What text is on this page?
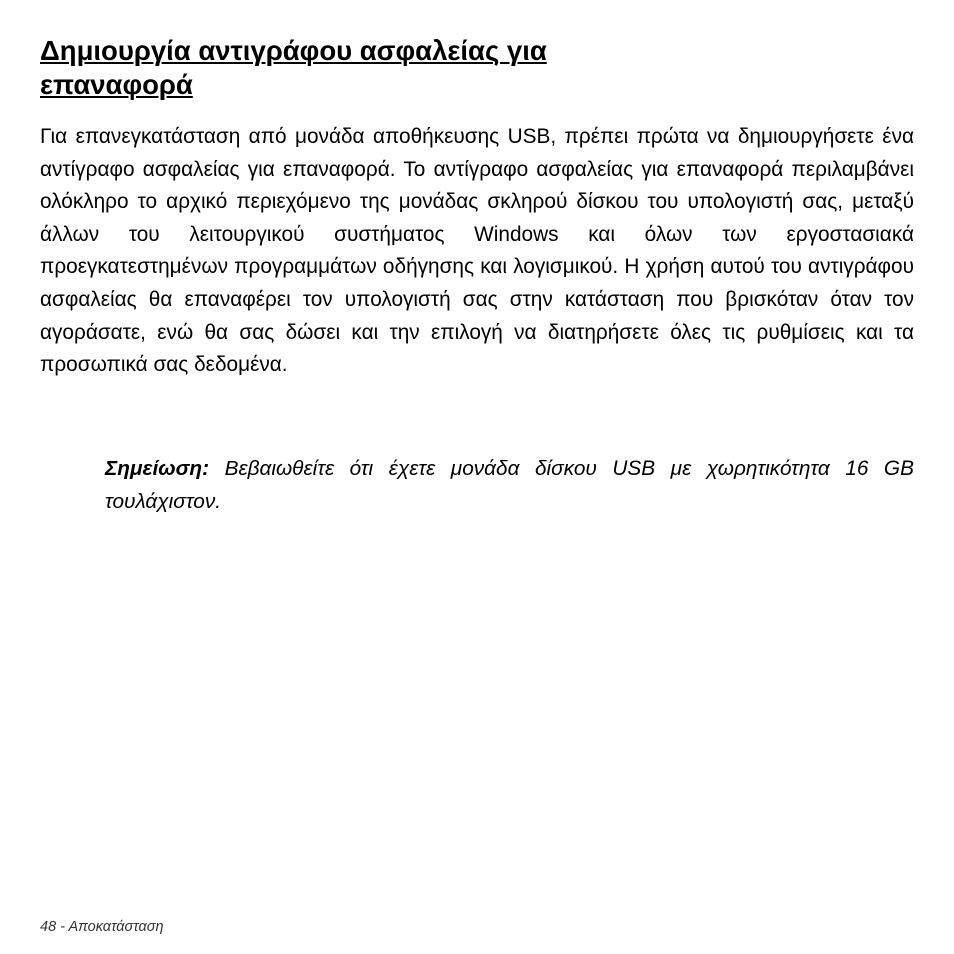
Δημιουργία αντιγράφου ασφαλείας για
επαναφορά

Για επανεγκατάσταση από μονάδα αποθήκευσης USB, πρέπει πρώτα να δημιουργήσετε ένα αντίγραφο ασφαλείας για επαναφορά. Το αντίγραφο ασφαλείας για επαναφορά περιλαμβάνει ολόκληρο το αρχικό περιεχόμενο της μονάδας σκληρού δίσκου του υπολογιστή σας, μεταξύ άλλων του λειτουργικού συστήματος Windows και όλων των εργοστασιακά προεγκατεστημένων προγραμμάτων οδήγησης και λογισμικού. Η χρήση αυτού του αντιγράφου ασφαλείας θα επαναφέρει τον υπολογιστή σας στην κατάσταση που βρισκόταν όταν τον αγοράσατε, ενώ θα σας δώσει και την επιλογή να διατηρήσετε όλες τις ρυθμίσεις και τα προσωπικά σας δεδομένα.

Σημείωση: Βεβαιωθείτε ότι έχετε μονάδα δίσκου USB με χωρητικότητα 16 GB τουλάχιστον.

48 - Αποκατάσταση
